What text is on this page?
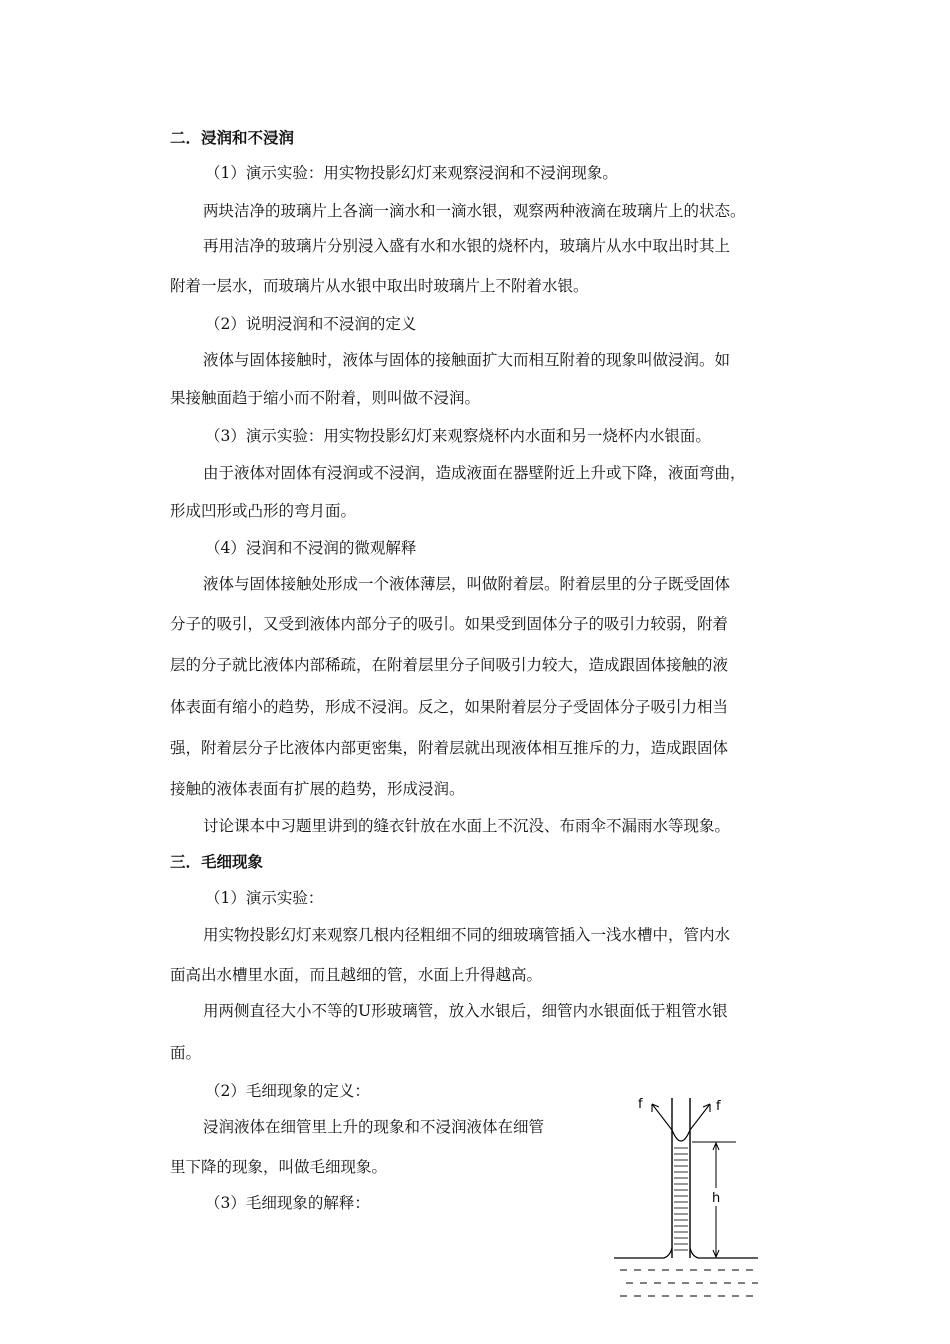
二．浸润和不浸润
（1）演示实验：用实物投影幻灯来观察浸润和不浸润现象。
两块洁净的玻璃片上各滴一滴水和一滴水银，观察两种液滴在玻璃片上的状态。
再用洁净的玻璃片分别浸入盛有水和水银的烧杯内，玻璃片从水中取出时其上
附着一层水，而玻璃片从水银中取出时玻璃片上不附着水银。
（2）说明浸润和不浸润的定义
液体与固体接触时，液体与固体的接触面扩大而相互附着的现象叫做浸润。如
果接触面趋于缩小而不附着，则叫做不浸润。
（3）演示实验：用实物投影幻灯来观察烧杯内水面和另一烧杯内水银面。
由于液体对固体有浸润或不浸润，造成液面在器壁附近上升或下降，液面弯曲，
形成凹形或凸形的弯月面。
（4）浸润和不浸润的微观解释
液体与固体接触处形成一个液体薄层，叫做附着层。附着层里的分子既受固体
分子的吸引，又受到液体内部分子的吸引。如果受到固体分子的吸引力较弱，附着
层的分子就比液体内部稀疏，在附着层里分子间吸引力较大，造成跟固体接触的液
体表面有缩小的趋势，形成不浸润。反之，如果附着层分子受固体分子吸引力相当
强，附着层分子比液体内部更密集，附着层就出现液体相互推斥的力，造成跟固体
接触的液体表面有扩展的趋势，形成浸润。
讨论课本中习题里讲到的缝衣针放在水面上不沉没、布雨伞不漏雨水等现象。
三．毛细现象
（1）演示实验：
用实物投影幻灯来观察几根内径粗细不同的细玻璃管插入一浅水槽中，管内水
面高出水槽里水面，而且越细的管，水面上升得越高。
用两侧直径大小不等的U形玻璃管，放入水银后，细管内水银面低于粗管水银
面。
（2）毛细现象的定义：
浸润液体在细管里上升的现象和不浸润液体在细管
里下降的现象，叫做毛细现象。
（3）毛细现象的解释：
f	f
h
